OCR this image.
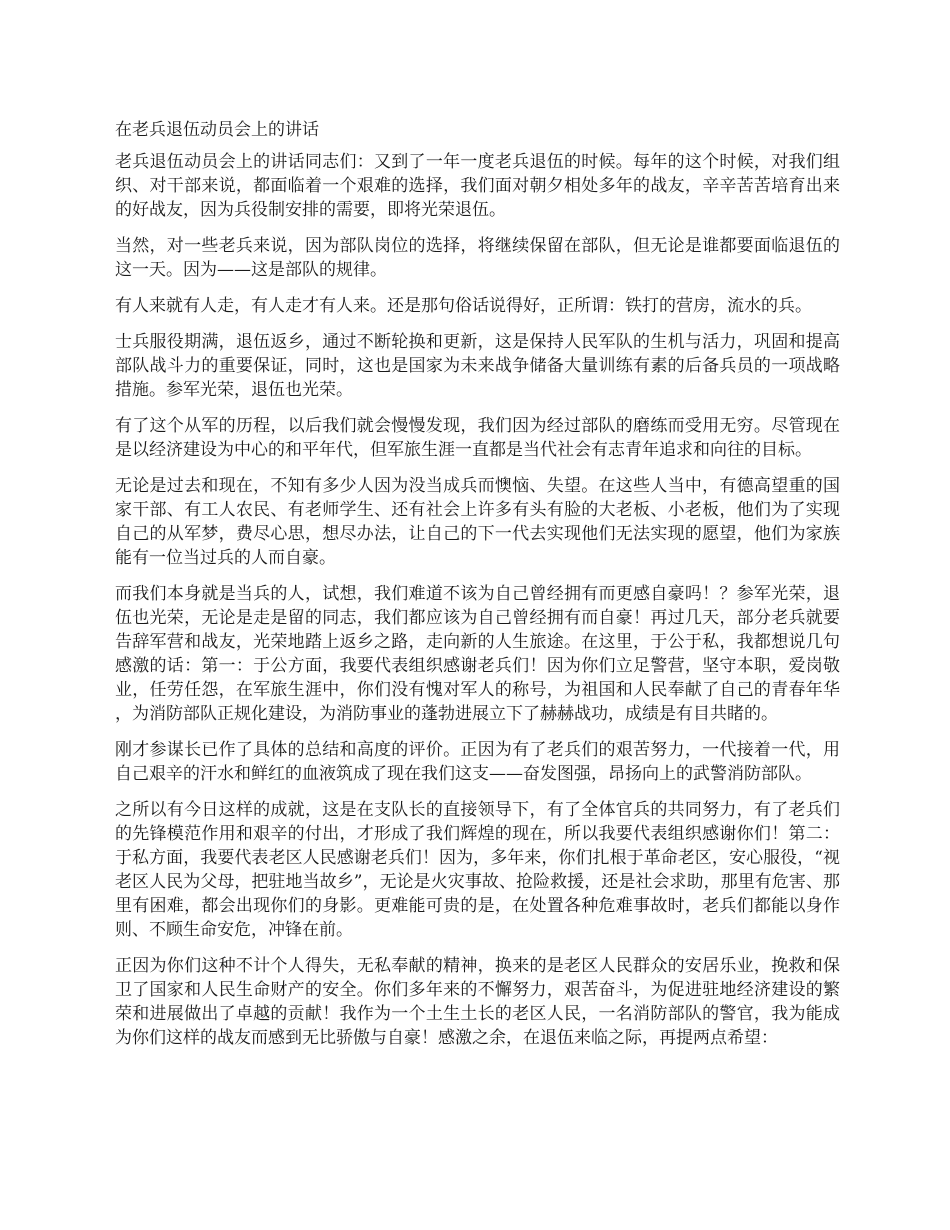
在老兵退伍动员会上的讲话

老兵退伍动员会上的讲话同志们：又到了一年一度老兵退伍的时候。每年的这个时候，对我们组织、对干部来说，都面临着一个艰难的选择，我们面对朝夕相处多年的战友，辛辛苦苦培育出来的好战友，因为兵役制安排的需要，即将光荣退伍。

当然，对一些老兵来说，因为部队岗位的选择，将继续保留在部队，但无论是谁都要面临退伍的这一天。因为——这是部队的规律。

有人来就有人走，有人走才有人来。还是那句俗话说得好，正所谓：铁打的营房，流水的兵。

士兵服役期满，退伍返乡，通过不断轮换和更新，这是保持人民军队的生机与活力，巩固和提高部队战斗力的重要保证，同时，这也是国家为未来战争储备大量训练有素的后备兵员的一项战略措施。参军光荣，退伍也光荣。

有了这个从军的历程，以后我们就会慢慢发现，我们因为经过部队的磨练而受用无穷。尽管现在是以经济建设为中心的和平年代，但军旅生涯一直都是当代社会有志青年追求和向往的目标。

无论是过去和现在，不知有多少人因为没当成兵而懊恼、失望。在这些人当中，有德高望重的国家干部、有工人农民、有老师学生、还有社会上许多有头有脸的大老板、小老板，他们为了实现自己的从军梦，费尽心思，想尽办法，让自己的下一代去实现他们无法实现的愿望，他们为家族能有一位当过兵的人而自豪。

而我们本身就是当兵的人，试想，我们难道不该为自己曾经拥有而更感自豪吗！？参军光荣，退伍也光荣，无论是走是留的同志，我们都应该为自己曾经拥有而自豪！再过几天，部分老兵就要告辞军营和战友，光荣地踏上返乡之路，走向新的人生旅途。在这里，于公于私，我都想说几句感激的话：第一：于公方面，我要代表组织感谢老兵们！因为你们立足警营，坚守本职，爱岗敬业，任劳任怨，在军旅生涯中，你们没有愧对军人的称号，为祖国和人民奉献了自己的青春年华，为消防部队正规化建设，为消防事业的蓬勃进展立下了赫赫战功，成绩是有目共睹的。

刚才参谋长已作了具体的总结和高度的评价。正因为有了老兵们的艰苦努力，一代接着一代，用自己艰辛的汗水和鲜红的血液筑成了现在我们这支——奋发图强，昂扬向上的武警消防部队。

之所以有今日这样的成就，这是在支队长的直接领导下，有了全体官兵的共同努力，有了老兵们的先锋模范作用和艰辛的付出，才形成了我们辉煌的现在，所以我要代表组织感谢你们！第二：于私方面，我要代表老区人民感谢老兵们！因为，多年来，你们扎根于革命老区，安心服役，“视老区人民为父母，把驻地当故乡”，无论是火灾事故、抢险救援，还是社会求助，那里有危害、那里有困难，都会出现你们的身影。更难能可贵的是，在处置各种危难事故时，老兵们都能以身作则、不顾生命安危，冲锋在前。

正因为你们这种不计个人得失，无私奉献的精神，换来的是老区人民群众的安居乐业，挽救和保卫了国家和人民生命财产的安全。你们多年来的不懈努力，艰苦奋斗，为促进驻地经济建设的繁荣和进展做出了卓越的贡献！我作为一个土生土长的老区人民，一名消防部队的警官，我为能成为你们这样的战友而感到无比骄傲与自豪！感激之余，在退伍来临之际，再提两点希望：
